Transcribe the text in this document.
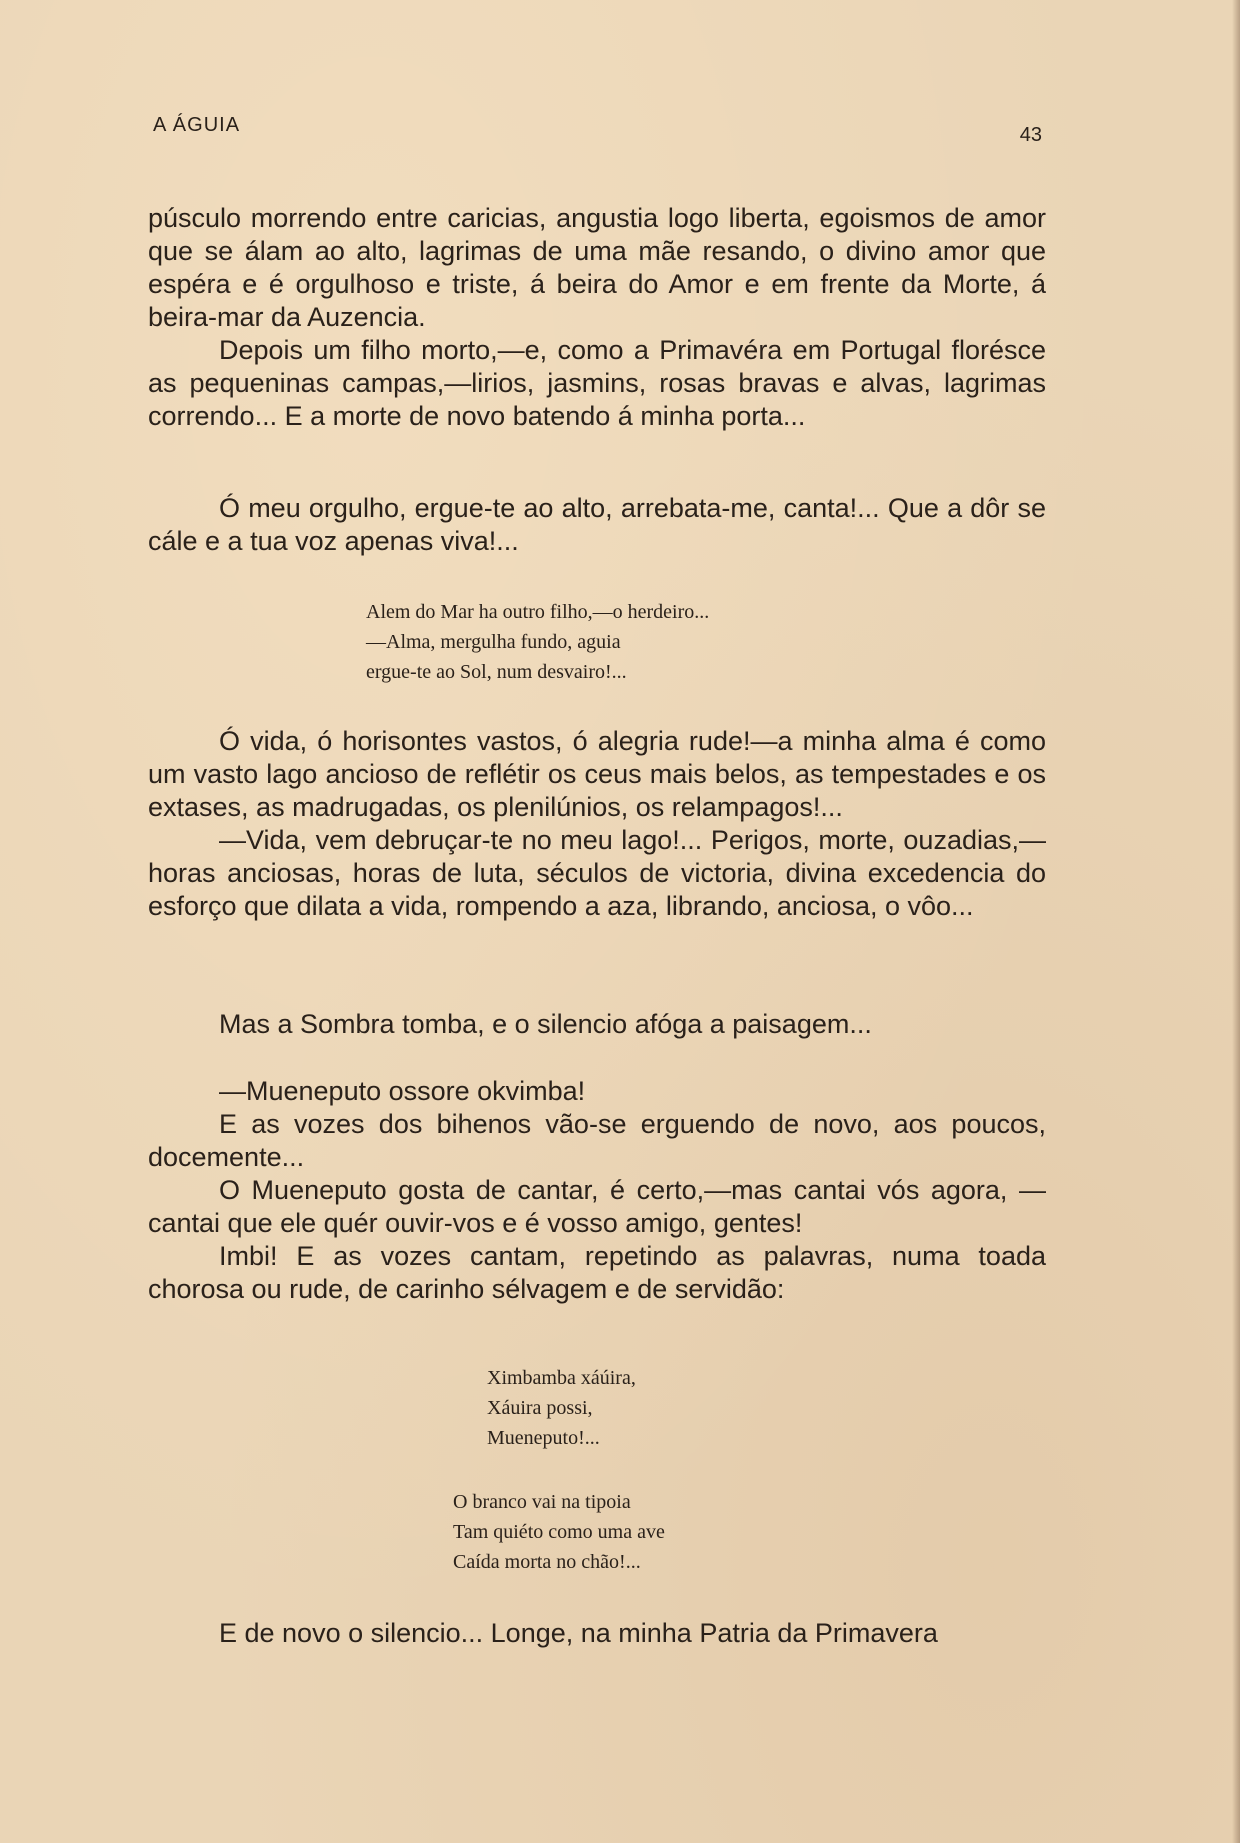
A ÁGUIA	43

púsculo morrendo entre caricias, angustia logo liberta, egoismos de amor que se álam ao alto, lagrimas de uma mãe resando, o divino amor que espéra e é orgulhoso e triste, á beira do Amor e em frente da Morte, á beira-mar da Auzencia.

Depois um filho morto,—e, como a Primavéra em Portugal florésce as pequeninas campas,—lirios, jasmins, rosas bravas e alvas, lagrimas correndo... E a morte de novo batendo á minha porta...

Ó meu orgulho, ergue-te ao alto, arrebata-me, canta!... Que a dôr se cále e a tua voz apenas viva!...

Alem do Mar ha outro filho,—o herdeiro...
—Alma, mergulha fundo, aguia
ergue-te ao Sol, num desvairo!...

Ó vida, ó horisontes vastos, ó alegria rude!—a minha alma é como um vasto lago ancioso de reflétir os ceus mais belos, as tempestades e os extases, as madrugadas, os plenilúnios, os relampagos!...

—Vida, vem debruçar-te no meu lago!... Perigos, morte, ouzadias,—horas anciosas, horas de luta, séculos de victoria, divina excedencia do esforço que dilata a vida, rompendo a aza, librando, anciosa, o vôo...

Mas a Sombra tomba, e o silencio afóga a paisagem...

—Mueneputo ossore okvimba!

E as vozes dos bihenos vão-se erguendo de novo, aos poucos, docemente...

O Mueneputo gosta de cantar, é certo,—mas cantai vós agora, —cantai que ele quér ouvir-vos e é vosso amigo, gentes!

Imbi! E as vozes cantam, repetindo as palavras, numa toada chorosa ou rude, de carinho sélvagem e de servidão:

Ximbamba xáúira,
Xáuira possi,
Mueneputo!...
O branco vai na tipoia
Tam quiéto como uma ave
Caída morta no chão!...

E de novo o silencio... Longe, na minha Patria da Primavera
